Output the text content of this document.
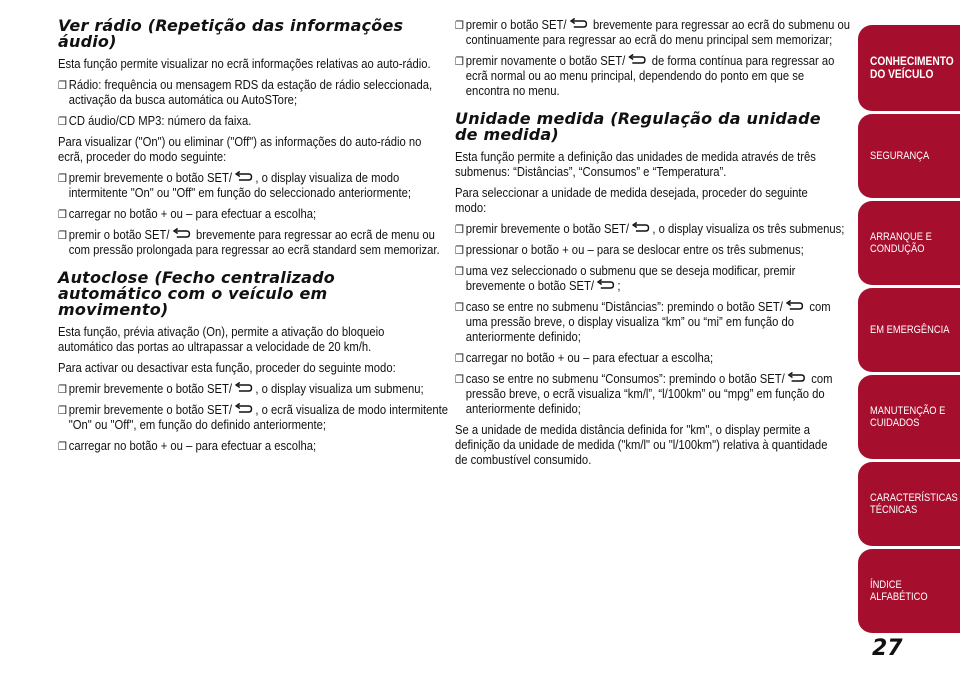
Ver rádio (Repetição das informações áudio)
Esta função permite visualizar no ecrã informações relativas ao auto-rádio.
❐ Rádio: frequência ou mensagem RDS da estação de rádio seleccionada, activação da busca automática ou AutoSTore;
❐ CD áudio/CD MP3: número da faixa.
Para visualizar ("On") ou eliminar ("Off") as informações do auto-rádio no ecrã, proceder do modo seguinte:
❐ premir brevemente o botão SET/ , o display visualiza de modo intermitente "On" ou "Off" em função do seleccionado anteriormente;
❐ carregar no botão + ou – para efectuar a escolha;
❐ premir o botão SET/
brevemente para regressar ao ecrã de menu ou com pressão prolongada para regressar ao ecrã standard sem memorizar.
Autoclose (Fecho centralizado automático com o veículo em movimento)
Esta função, prévia ativação (On), permite a ativação do bloqueio automático das portas ao ultrapassar a velocidade de 20 km/h.
Para activar ou desactivar esta função, proceder do seguinte modo:
❐ premir brevemente o botão SET/ , o display visualiza um submenu;
❐ premir brevemente o botão SET/ , o ecrã visualiza de modo intermitente "On" ou "Off", em função do definido anteriormente;
❐ carregar no botão + ou – para efectuar a escolha;
❐ premir o botão SET/
brevemente para regressar ao ecrã do submenu ou continuamente para regressar ao ecrã do menu principal sem memorizar;
❐ premir novamente o botão SET/
de forma contínua para regressar ao ecrã normal ou ao menu principal, dependendo do ponto em que se encontra no menu.
Unidade medida (Regulação da unidade de medida)
Esta função permite a definição das unidades de medida através de três submenus: “Distâncias”, “Consumos” e “Temperatura”.
Para seleccionar a unidade de medida desejada, proceder do seguinte modo:
❐ premir brevemente o botão SET/ , o display visualiza os três submenus;
❐ pressionar o botão + ou – para se deslocar entre os três submenus;
❐ uma vez seleccionado o submenu que se deseja modificar, premir brevemente o botão SET/ ;
❐ caso se entre no submenu “Distâncias”: premindo o botão SET/
com uma pressão breve, o display visualiza “km” ou “mi” em função do anteriormente definido;
❐ carregar no botão + ou – para efectuar a escolha;
❐ caso se entre no submenu “Consumos”: premindo o botão SET/
com pressão breve, o ecrã visualiza “km/l”, “l/100km” ou “mpg” em função do anteriormente definido;
Se a unidade de medida distância definida for "km", o display permite a definição da unidade de medida ("km/l" ou "l/100km") relativa à quantidade de combustível consumido.
CONHECIMENTO DO VEÍCULO
SEGURANÇA
ARRANQUE E CONDUÇÃO
EM EMERGÊNCIA
MANUTENÇÃO E CUIDADOS
CARACTERÍSTICAS TÉCNICAS
ÍNDICE ALFABÉTICO
27
